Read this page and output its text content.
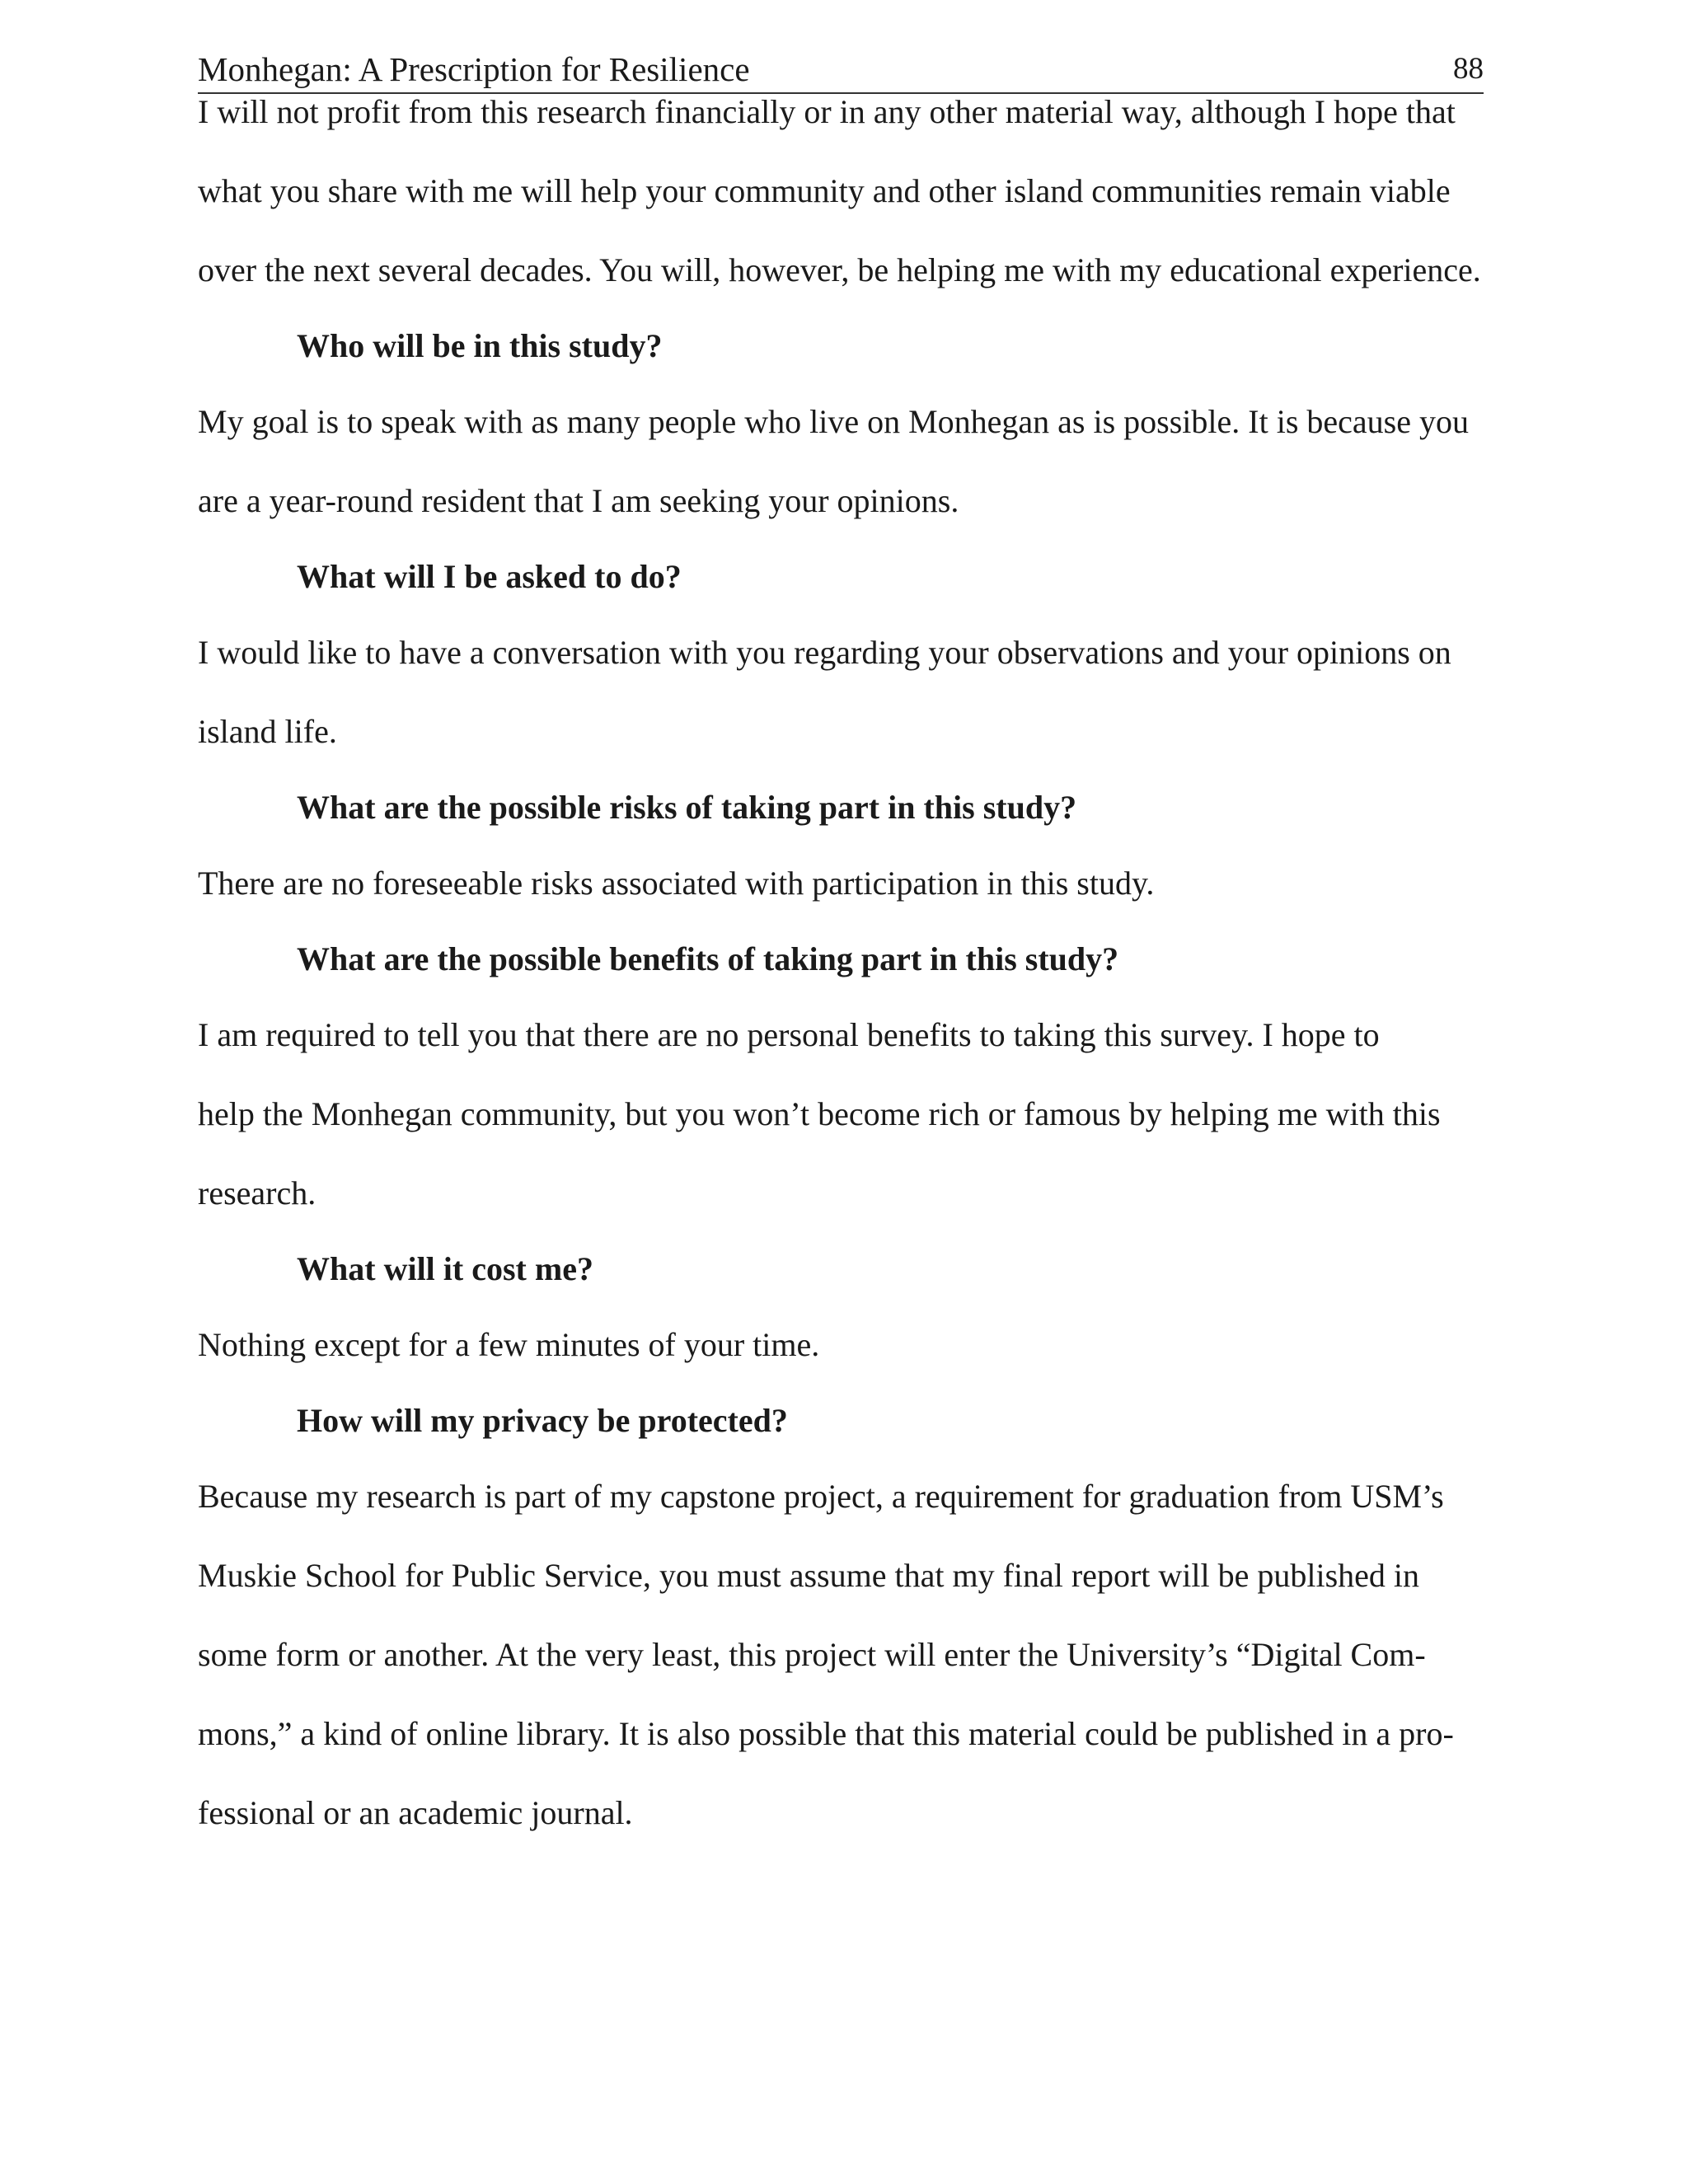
Monhegan: A Prescription for Resilience	88
I will not profit from this research financially or in any other material way, although I hope that
what you share with me will help your community and other island communities remain viable
over the next several decades. You will, however, be helping me with my educational experience.
Who will be in this study?
My goal is to speak with as many people who live on Monhegan as is possible. It is because you
are a year-round resident that I am seeking your opinions.
What will I be asked to do?
I would like to have a conversation with you regarding your observations and your opinions on
island life.
What are the possible risks of taking part in this study?
There are no foreseeable risks associated with participation in this study.
What are the possible benefits of taking part in this study?
I am required to tell you that there are no personal benefits to taking this survey. I hope to
help the Monhegan community, but you won’t become rich or famous by helping me with this
research.
What will it cost me?
Nothing except for a few minutes of your time.
How will my privacy be protected?
Because my research is part of my capstone project, a requirement for graduation from USM’s
Muskie School for Public Service, you must assume that my final report will be published in
some form or another. At the very least, this project will enter the University’s “Digital Com-
mons,” a kind of online library. It is also possible that this material could be published in a pro-
fessional or an academic journal.
